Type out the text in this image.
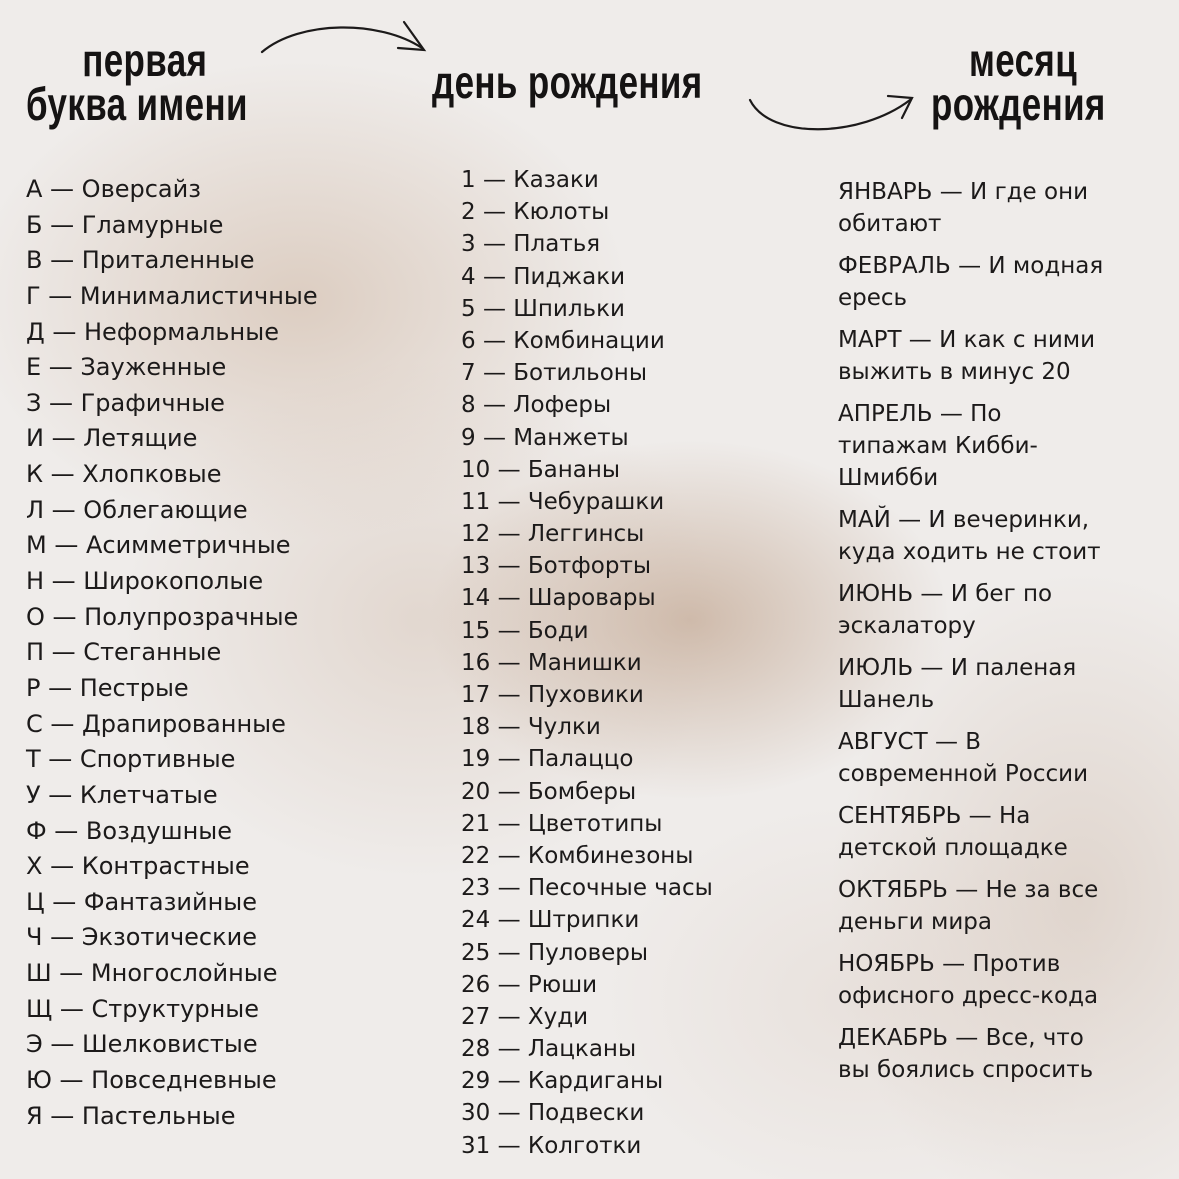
первая
буква имени	день рождения	месяц
рождения
А — Оверсайз
Б — Гламурные
В — Приталенные
Г — Минималистичные
Д — Неформальные
Е — Зауженные
З — Графичные
И — Летящие
К — Хлопковые
Л — Облегающие
М — Асимметричные
Н — Широкополые
О — Полупрозрачные
П — Стеганные
Р — Пестрые
С — Драпированные
Т — Спортивные
У — Клетчатые
Ф — Воздушные
Х — Контрастные
Ц — Фантазийные
Ч — Экзотические
Ш — Многослойные
Щ — Структурные
Э — Шелковистые
Ю — Повседневные
Я — Пастельные
1 — Казаки
2 — Кюлоты
3 — Платья
4 — Пиджаки
5 — Шпильки
6 — Комбинации
7 — Ботильоны
8 — Лоферы
9 — Манжеты
10 — Бананы
11 — Чебурашки
12 — Леггинсы
13 — Ботфорты
14 — Шаровары
15 — Боди
16 — Манишки
17 — Пуховики
18 — Чулки
19 — Палаццо
20 — Бомберы
21 — Цветотипы
22 — Комбинезоны
23 — Песочные часы
24 — Штрипки
25 — Пуловеры
26 — Рюши
27 — Худи
28 — Лацканы
29 — Кардиганы
30 — Подвески
31 — Колготки
ЯНВАРЬ — И где они
обитают
ФЕВРАЛЬ — И модная
ересь
МАРТ — И как с ними
выжить в минус 20
АПРЕЛЬ — По
типажам Кибби-
Шмибби
МАЙ — И вечеринки,
куда ходить не стоит
ИЮНЬ — И бег по
эскалатору
ИЮЛЬ — И паленая
Шанель
АВГУСТ — В
современной России
СЕНТЯБРЬ — На
детской площадке
ОКТЯБРЬ — Не за все
деньги мира
НОЯБРЬ — Против
офисного дресс-кода
ДЕКАБРЬ — Все, что
вы боялись спросить
